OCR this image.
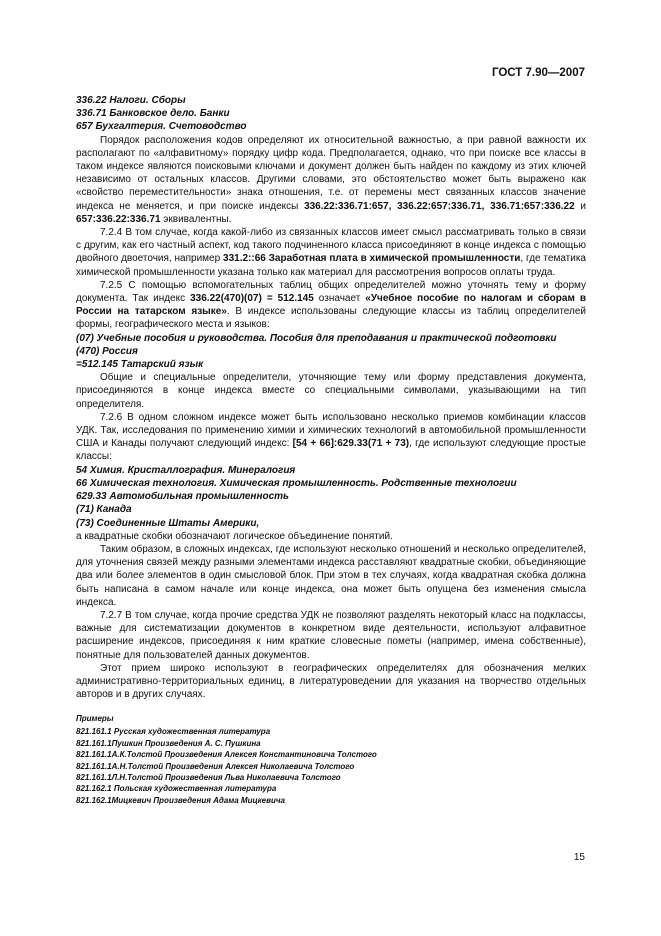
ГОСТ 7.90—2007

336.22 Налоги. Сборы

336.71 Банковское дело. Банки

657 Бухгалтерия. Счетоводство

Порядок расположения кодов определяют их относительной важностью, а при равной важности их располагают по «алфавитному» порядку цифр кода. Предполагается, однако, что при поиске все классы в таком индексе являются поисковыми ключами и документ должен быть найден по каждому из этих ключей независимо от остальных классов. Другими словами, это обстоятельство может быть выражено как «свойство переместительности» знака отношения, т.е. от перемены мест связанных классов значение индекса не меняется, и при поиске индексы 336.22:336.71:657, 336.22:657:336.71, 336.71:657:336.22 и 657:336.22:336.71 эквивалентны.

7.2.4 В том случае, когда какой-либо из связанных классов имеет смысл рассматривать только в связи с другим, как его частный аспект, код такого подчиненного класса присоединяют в конце индекса с помощью двойного двоеточия, например 331.2::66 Заработная плата в химической промышленности, где тематика химической промышленности указана только как материал для рассмотрения вопросов оплаты труда.

7.2.5 С помощью вспомогательных таблиц общих определителей можно уточнять тему и форму документа. Так индекс 336.22(470)(07) = 512.145 означает «Учебное пособие по налогам и сборам в России на татарском языке». В индексе использованы следующие классы из таблиц определителей формы, географического места и языков:

(07) Учебные пособия и руководства. Пособия для преподавания и практической подготовки

(470) Россия

=512.145 Татарский язык

Общие и специальные определители, уточняющие тему или форму представления документа, присоединяются в конце индекса вместе со специальными символами, указывающими на тип определителя.

7.2.6 В одном сложном индексе может быть использовано несколько приемов комбинации классов УДК. Так, исследования по применению химии и химических технологий в автомобильной промышленности США и Канады получают следующий индекс: [54 + 66]:629.33(71 + 73), где используют следующие простые классы:

54 Химия. Кристаллография. Минералогия

66 Химическая технология. Химическая промышленность. Родственные технологии

629.33 Автомобильная промышленность

(71) Канада

(73) Соединенные Штаты Америки,

а квадратные скобки обозначают логическое объединение понятий.

Таким образом, в сложных индексах, где используют несколько отношений и несколько определителей, для уточнения связей между разными элементами индекса расставляют квадратные скобки, объединяющие два или более элементов в один смысловой блок. При этом в тех случаях, когда квадратная скобка должна быть написана в самом начале или конце индекса, она может быть опущена без изменения смысла индекса.

7.2.7 В том случае, когда прочие средства УДК не позволяют разделять некоторый класс на подклассы, важные для систематизации документов в конкретном виде деятельности, используют алфавитное расширение индексов, присоединяя к ним краткие словесные пометы (например, имена собственные), понятные для пользователей данных документов.

Этот прием широко используют в географических определителях для обозначения мелких административно-территориальных единиц, в литературоведении для указания на творчество отдельных авторов и в других случаях.

Примеры

821.161.1 Русская художественная литература

821.161.1Пушкин Произведения А. С. Пушкина

821.161.1А.К.Толстой Произведения Алексея Константиновича Толстого

821.161.1А.Н.Толстой Произведения Алексея Николаевича Толстого

821.161.1Л.Н.Толстой Произведения Льва Николаевича Толстого

821.162.1 Польская художественная литература

821.162.1Мицкевич Произведения Адама Мицкевича

15
